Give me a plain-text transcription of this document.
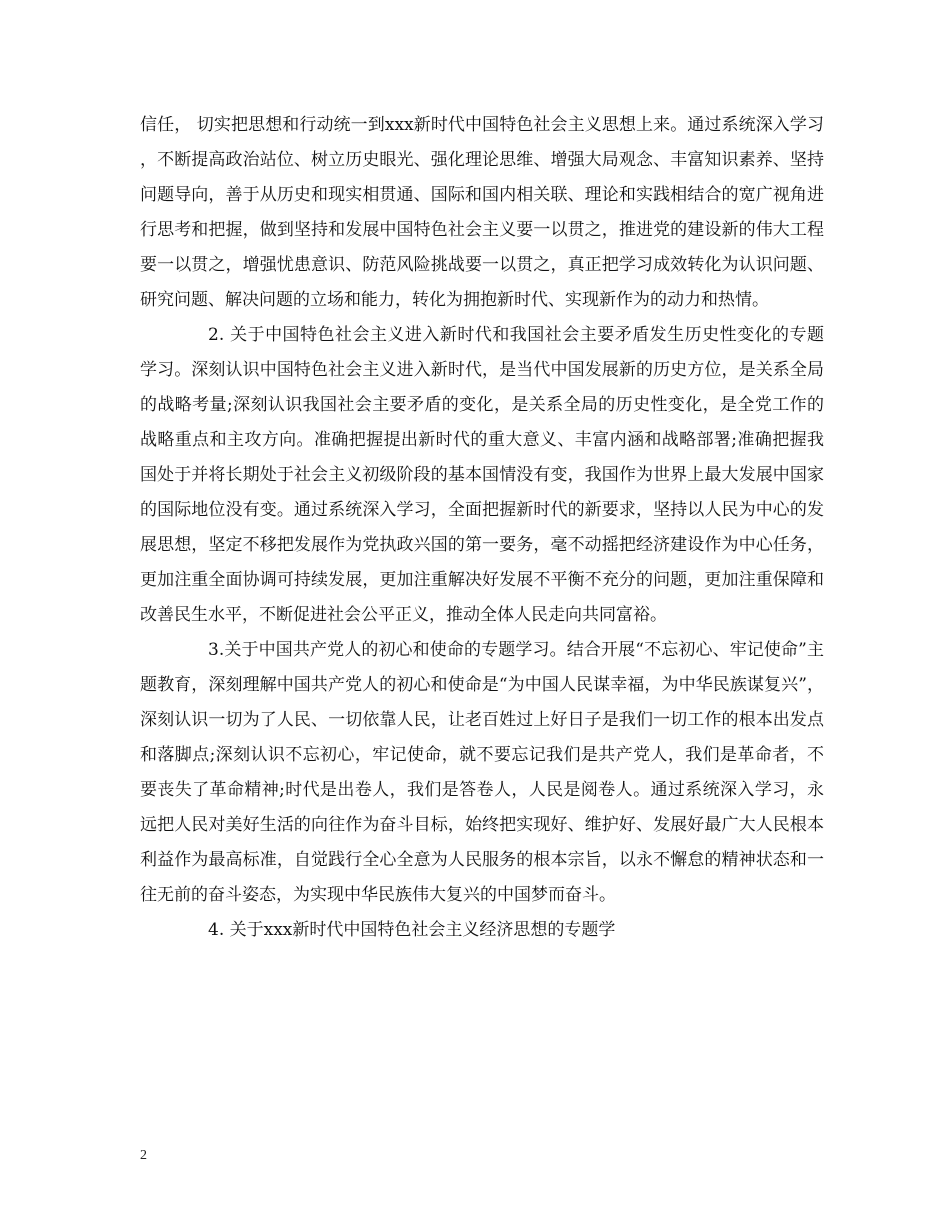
信任， 切实把思想和行动统一到xxx新时代中国特色社会主义思想上来。通过系统深入学习，不断提高政治站位、树立历史眼光、强化理论思维、增强大局观念、丰富知识素养、坚持问题导向，善于从历史和现实相贯通、国际和国内相关联、理论和实践相结合的宽广视角进行思考和把握，做到坚持和发展中国特色社会主义要一以贯之，推进党的建设新的伟大工程要一以贯之，增强忧患意识、防范风险挑战要一以贯之，真正把学习成效转化为认识问题、研究问题、解决问题的立场和能力，转化为拥抱新时代、实现新作为的动力和热情。

2. 关于中国特色社会主义进入新时代和我国社会主要矛盾发生历史性变化的专题学习。深刻认识中国特色社会主义进入新时代，是当代中国发展新的历史方位，是关系全局的战略考量;深刻认识我国社会主要矛盾的变化，是关系全局的历史性变化，是全党工作的战略重点和主攻方向。准确把握提出新时代的重大意义、丰富内涵和战略部署;准确把握我国处于并将长期处于社会主义初级阶段的基本国情没有变，我国作为世界上最大发展中国家的国际地位没有变。通过系统深入学习，全面把握新时代的新要求，坚持以人民为中心的发展思想，坚定不移把发展作为党执政兴国的第一要务，毫不动摇把经济建设作为中心任务，更加注重全面协调可持续发展，更加注重解决好发展不平衡不充分的问题，更加注重保障和改善民生水平，不断促进社会公平正义，推动全体人民走向共同富裕。

3.关于中国共产党人的初心和使命的专题学习。结合开展“不忘初心、牢记使命”主题教育，深刻理解中国共产党人的初心和使命是“为中国人民谋幸福，为中华民族谋复兴”，深刻认识一切为了人民、一切依靠人民，让老百姓过上好日子是我们一切工作的根本出发点和落脚点;深刻认识不忘初心，牢记使命，就不要忘记我们是共产党人，我们是革命者，不要丧失了革命精神;时代是出卷人，我们是答卷人，人民是阅卷人。通过系统深入学习，永远把人民对美好生活的向往作为奋斗目标，始终把实现好、维护好、发展好最广大人民根本利益作为最高标准，自觉践行全心全意为人民服务的根本宗旨，以永不懈怠的精神状态和一往无前的奋斗姿态，为实现中华民族伟大复兴的中国梦而奋斗。

4. 关于xxx新时代中国特色社会主义经济思想的专题学

2
